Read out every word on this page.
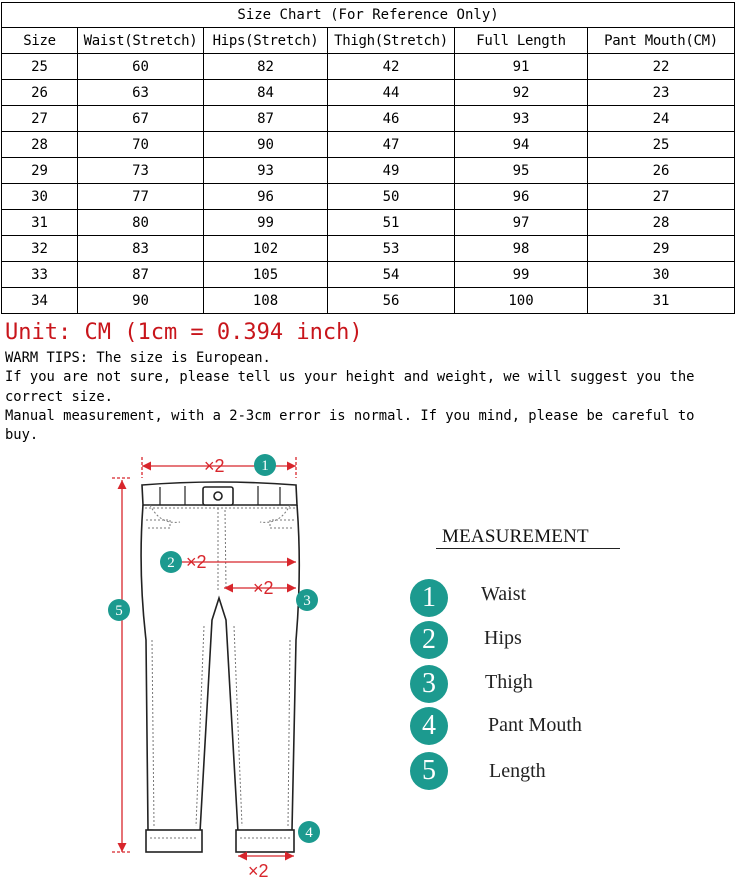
Size Chart (For Reference Only)					
Size	Waist(Stretch)	Hips(Stretch)	Thigh(Stretch)	Full Length	Pant Mouth(CM)
25	60	82	42	91	22
26	63	84	44	92	23
27	67	87	46	93	24
28	70	90	47	94	25
29	73	93	49	95	26
30	77	96	50	96	27
31	80	99	51	97	28
32	83	102	53	98	29
33	87	105	54	99	30
34	90	108	56	100	31
Unit: CM (1cm = 0.394 inch)

WARM TIPS: The size is European.

If you are not sure, please tell us your height and weight, we will suggest you the correct size.

Manual measurement, with a 2-3cm error is normal. If you mind, please be careful to buy.

×2
×2
×2
×2
1
2
3
4
5
MEASUREMENT
1	Waist
2	Hips
3	Thigh
4	Pant Mouth
5	Length
